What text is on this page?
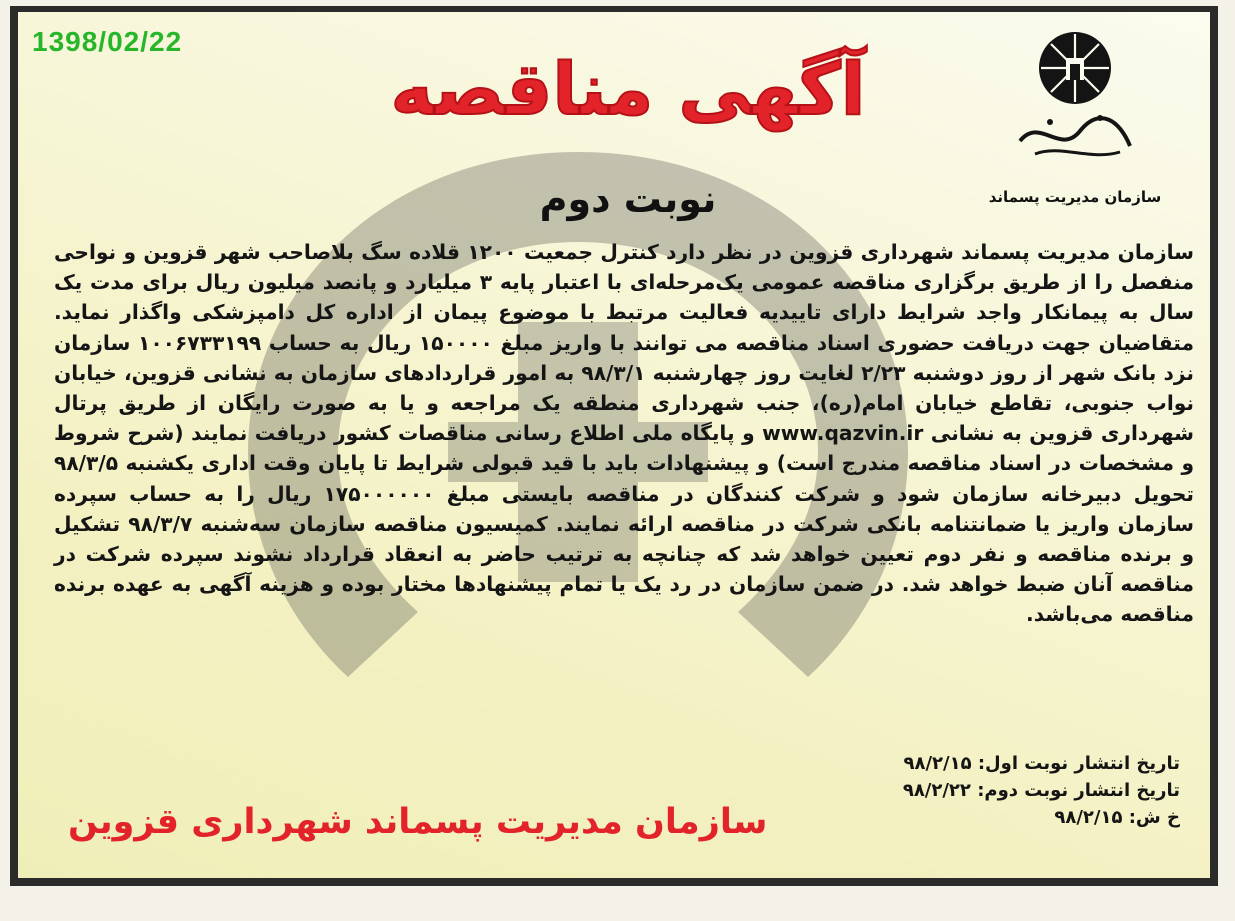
1398/02/22
سازمان مدیریت پسماند
آگهی مناقصه
نوبت دوم

سازمان مدیریت پسماند شهرداری قزوین در نظر دارد کنترل جمعیت ۱۲۰۰ قلاده سگ بلاصاحب شهر قزوین و نواحی منفصل را از طریق برگزاری مناقصه عمومی یک‌مرحله‌ای با اعتبار پایه ۳ میلیارد و پانصد میلیون ریال برای مدت یک سال به پیمانکار واجد شرایط دارای تاییدیه فعالیت مرتبط با موضوع پیمان از اداره کل دامپزشکی واگذار نماید. متقاضیان جهت دریافت حضوری اسناد مناقصه می توانند با واریز مبلغ ۱۵۰۰۰۰ ریال به حساب ۱۰۰۶۷۳۳۱۹۹ سازمان نزد بانک شهر از روز دوشنبه ۲/۲۳ لغایت روز چهارشنبه ۹۸/۳/۱ به امور قراردادهای سازمان به نشانی قزوین، خیابان نواب جنوبی، تقاطع خیابان امام(ره)، جنب شهرداری منطقه یک مراجعه و یا به صورت رایگان از طریق پرتال شهرداری قزوین به نشانی www.qazvin.ir و پایگاه ملی اطلاع رسانی مناقصات کشور دریافت نمایند (شرح شروط و مشخصات در اسناد مناقصه مندرج است) و پیشنهادات باید با قید قبولی شرایط تا پایان وقت اداری یکشنبه ۹۸/۳/۵ تحویل دبیرخانه سازمان شود و شرکت کنندگان در مناقصه بایستی مبلغ ۱۷۵۰۰۰۰۰۰ ریال را به حساب سپرده سازمان واریز یا ضمانتنامه بانکی شرکت در مناقصه ارائه نمایند. کمیسیون مناقصه سازمان سه‌شنبه ۹۸/۳/۷ تشکیل و برنده مناقصه و نفر دوم تعیین خواهد شد که چنانچه به ترتیب حاضر به انعقاد قرارداد نشوند سپرده شرکت در مناقصه آنان ضبط خواهد شد. در ضمن سازمان در رد یک یا تمام پیشنهادها مختار بوده و هزینه آگهی به عهده برنده مناقصه می‌باشد.

تاریخ انتشار نوبت اول: ۹۸/۲/۱۵
تاریخ انتشار نوبت دوم: ۹۸/۲/۲۲
خ ش: ۹۸/۲/۱۵
سازمان مدیریت پسماند شهرداری قزوین
